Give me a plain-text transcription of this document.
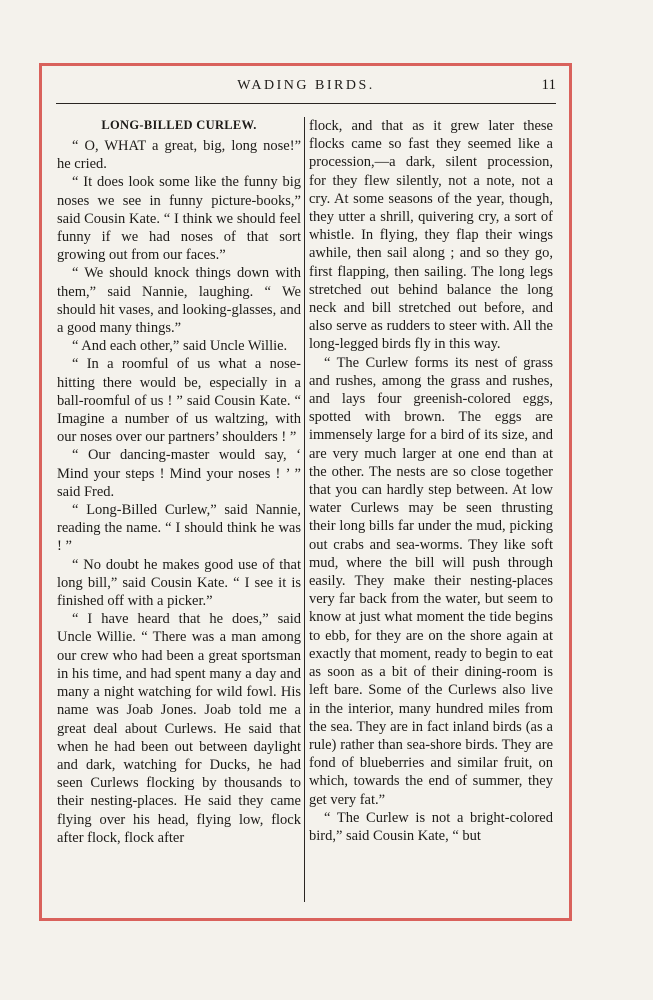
WADING BIRDS.	11
LONG-BILLED CURLEW.

“ O, WHAT a great, big, long nose!” he cried.

“ It does look some like the funny big noses we see in funny picture-books,” said Cousin Kate. “ I think we should feel funny if we had noses of that sort growing out from our faces.”

“ We should knock things down with them,” said Nannie, laughing. “ We should hit vases, and looking-glasses, and a good many things.”

“ And each other,” said Uncle Willie.

“ In a roomful of us what a nose-hitting there would be, especially in a ball-roomful of us ! ” said Cousin Kate. “ Imagine a number of us waltzing, with our noses over our partners’ shoulders ! ”

“ Our dancing-master would say, ‘ Mind your steps ! Mind your noses ! ’ ” said Fred.

“ Long-Billed Curlew,” said Nannie, reading the name. “ I should think he was ! ”

“ No doubt he makes good use of that long bill,” said Cousin Kate. “ I see it is finished off with a picker.”

“ I have heard that he does,” said Uncle Willie. “ There was a man among our crew who had been a great sportsman in his time, and had spent many a day and many a night watching for wild fowl. His name was Joab Jones. Joab told me a great deal about Curlews. He said that when he had been out between daylight and dark, watching for Ducks, he had seen Curlews flocking by thousands to their nesting-places. He said they came flying over his head, flying low, flock after flock, flock after

flock, and that as it grew later these flocks came so fast they seemed like a procession,—a dark, silent procession, for they flew silently, not a note, not a cry. At some seasons of the year, though, they utter a shrill, quivering cry, a sort of whistle. In flying, they flap their wings awhile, then sail along ; and so they go, first flapping, then sailing. The long legs stretched out behind balance the long neck and bill stretched out before, and also serve as rudders to steer with. All the long-legged birds fly in this way.

“ The Curlew forms its nest of grass and rushes, among the grass and rushes, and lays four greenish-colored eggs, spotted with brown. The eggs are immensely large for a bird of its size, and are very much larger at one end than at the other. The nests are so close together that you can hardly step between. At low water Curlews may be seen thrusting their long bills far under the mud, picking out crabs and sea-worms. They like soft mud, where the bill will push through easily. They make their nesting-places very far back from the water, but seem to know at just what moment the tide begins to ebb, for they are on the shore again at exactly that moment, ready to begin to eat as soon as a bit of their dining-room is left bare. Some of the Curlews also live in the interior, many hundred miles from the sea. They are in fact inland birds (as a rule) rather than sea-shore birds. They are fond of blueberries and similar fruit, on which, towards the end of summer, they get very fat.”

“ The Curlew is not a bright-colored bird,” said Cousin Kate, “ but
